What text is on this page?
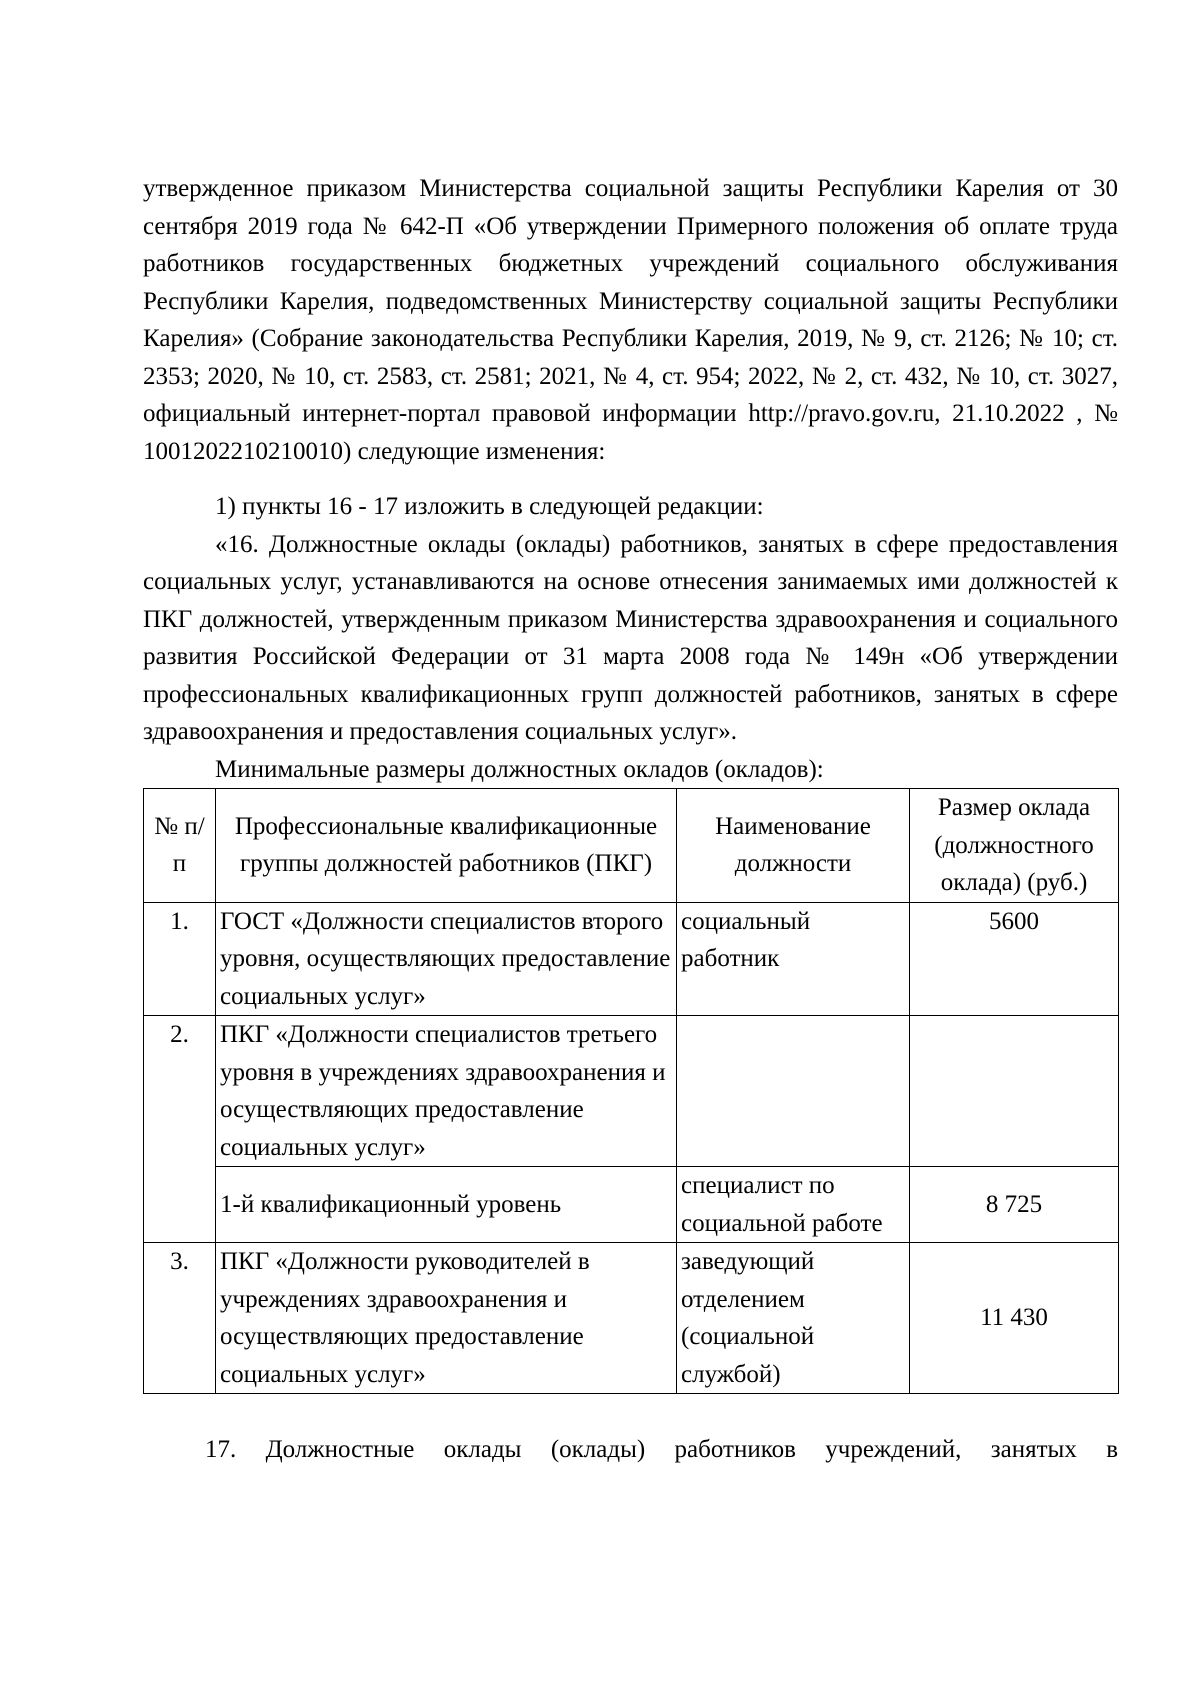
утвержденное приказом Министерства социальной защиты Республики Карелия от 30 сентября 2019 года № 642-П «Об утверждении Примерного положения об оплате труда работников государственных бюджетных учреждений социального обслуживания Республики Карелия, подведомственных Министерству социальной защиты Республики Карелия» (Собрание законодательства Республики Карелия, 2019, № 9, ст. 2126; № 10; ст. 2353; 2020, № 10, ст. 2583, ст. 2581; 2021, № 4, ст. 954; 2022, № 2, ст. 432, № 10, ст. 3027, официальный интернет-портал правовой информации http://pravo.gov.ru, 21.10.2022 , № 1001202210210010) следующие изменения:

1) пункты 16 - 17 изложить в следующей редакции:

«16. Должностные оклады (оклады) работников, занятых в сфере предоставления социальных услуг, устанавливаются на основе отнесения занимаемых ими должностей к ПКГ должностей, утвержденным приказом Министерства здравоохранения и социального развития Российской Федерации от 31 марта 2008 года № 149н «Об утверждении профессиональных квалификационных групп должностей работников, занятых в сфере здравоохранения и предоставления социальных услуг».

Минимальные размеры должностных окладов (окладов):

№ п/п	Профессиональные квалификационные группы должностей работников (ПКГ)	Наименование должности	Размер оклада (должностного оклада) (руб.)
1.	ГОСТ «Должности специалистов второго уровня, осуществляющих предоставление социальных услуг»	социальный работник	5600
2.	ПКГ «Должности специалистов третьего уровня в учреждениях здравоохранения и осуществляющих предоставление социальных услуг»		
	1-й квалификационный уровень	специалист по социальной работе	8 725
3.	ПКГ «Должности руководителей в учреждениях здравоохранения и осуществляющих предоставление социальных услуг»	заведующий отделением (социальной службой)	11 430

17. Должностные оклады (оклады) работников учреждений, занятых в
